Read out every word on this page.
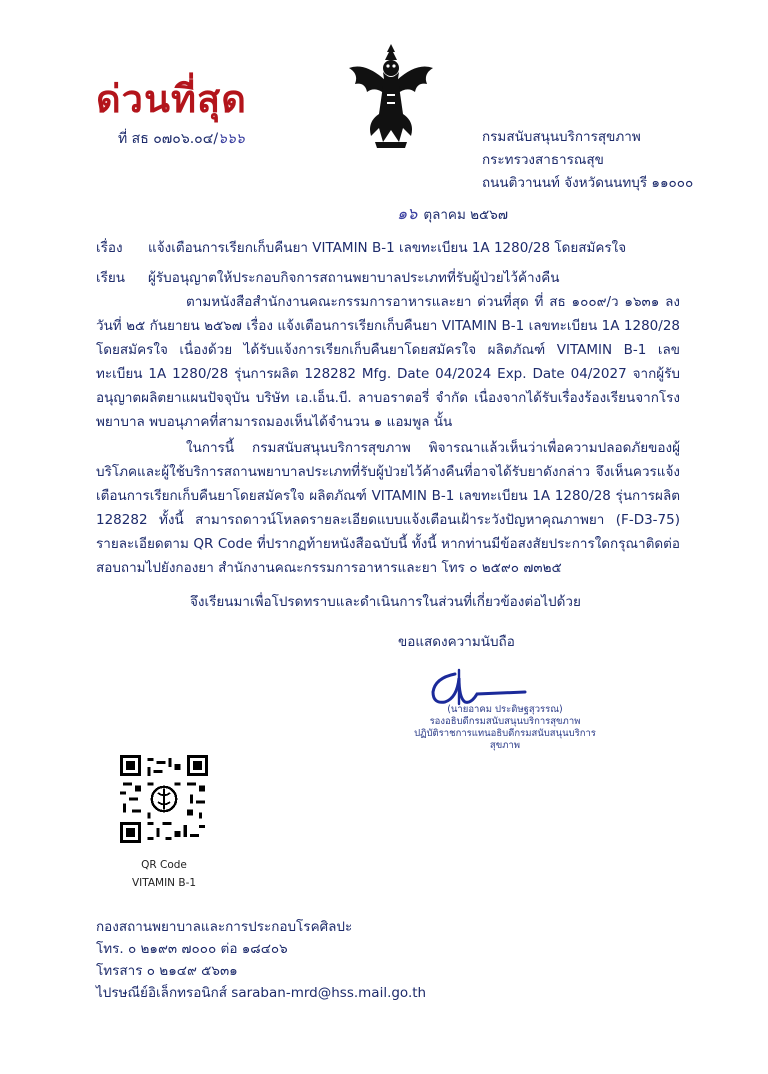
ด่วนที่สุด
ที่ สธ ๐๗๐๖.๐๔/๖๖๖	กรมสนับสนุนบริการสุขภาพ
กระทรวงสาธารณสุข
ถนนติวานนท์ จังหวัดนนทบุรี ๑๑๐๐๐
๑๖ ตุลาคม ๒๕๖๗
เรื่อง แจ้งเตือนการเรียกเก็บคืนยา VITAMIN B-1 เลขทะเบียน 1A 1280/28 โดยสมัครใจ
เรียน ผู้รับอนุญาตให้ประกอบกิจการสถานพยาบาลประเภทที่รับผู้ป่วยไว้ค้างคืน

ตามหนังสือสำนักงานคณะกรรมการอาหารและยา ด่วนที่สุด ที่ สธ ๑๐๐๙/ว ๑๖๓๑ ลงวันที่ ๒๕ กันยายน ๒๕๖๗ เรื่อง แจ้งเตือนการเรียกเก็บคืนยา VITAMIN B-1 เลขทะเบียน 1A 1280/28 โดยสมัครใจ เนื่องด้วย ได้รับแจ้งการเรียกเก็บคืนยาโดยสมัครใจ ผลิตภัณฑ์ VITAMIN B-1 เลขทะเบียน 1A 1280/28 รุ่นการผลิต 128282 Mfg. Date 04/2024 Exp. Date 04/2027 จากผู้รับอนุญาตผลิตยาแผนปัจจุบัน บริษัท เอ.เอ็น.บี. ลาบอราตอรี่ จำกัด เนื่องจากได้รับเรื่องร้องเรียนจากโรงพยาบาล พบอนุภาคที่สามารถมองเห็นได้จำนวน ๑ แอมพูล นั้น

ในการนี้ กรมสนับสนุนบริการสุขภาพ พิจารณาแล้วเห็นว่าเพื่อความปลอดภัยของผู้บริโภคและผู้ใช้บริการสถานพยาบาลประเภทที่รับผู้ป่วยไว้ค้างคืนที่อาจได้รับยาดังกล่าว จึงเห็นควรแจ้งเตือนการเรียกเก็บคืนยาโดยสมัครใจ ผลิตภัณฑ์ VITAMIN B-1 เลขทะเบียน 1A 1280/28 รุ่นการผลิต 128282 ทั้งนี้ สามารถดาวน์โหลดรายละเอียดแบบแจ้งเตือนเฝ้าระวังปัญหาคุณภาพยา (F-D3-75) รายละเอียดตาม QR Code ที่ปรากฏท้ายหนังสือฉบับนี้ ทั้งนี้ หากท่านมีข้อสงสัยประการใดกรุณาติดต่อสอบถามไปยังกองยา สำนักงานคณะกรรมการอาหารและยา โทร ๐ ๒๕๙๐ ๗๓๒๕

จึงเรียนมาเพื่อโปรดทราบและดำเนินการในส่วนที่เกี่ยวข้องต่อไปด้วย
ขอแสดงความนับถือ
(นายอาคม ประดิษฐสุวรรณ)
รองอธิบดีกรมสนับสนุนบริการสุขภาพ
ปฏิบัติราชการแทนอธิบดีกรมสนับสนุนบริการสุขภาพ
QR Code
VITAMIN B-1
กองสถานพยาบาลและการประกอบโรคศิลปะ
โทร. ๐ ๒๑๙๓ ๗๐๐๐ ต่อ ๑๘๔๐๖
โทรสาร ๐ ๒๑๔๙ ๕๖๓๑
ไปรษณีย์อิเล็กทรอนิกส์ saraban-mrd@hss.mail.go.th
